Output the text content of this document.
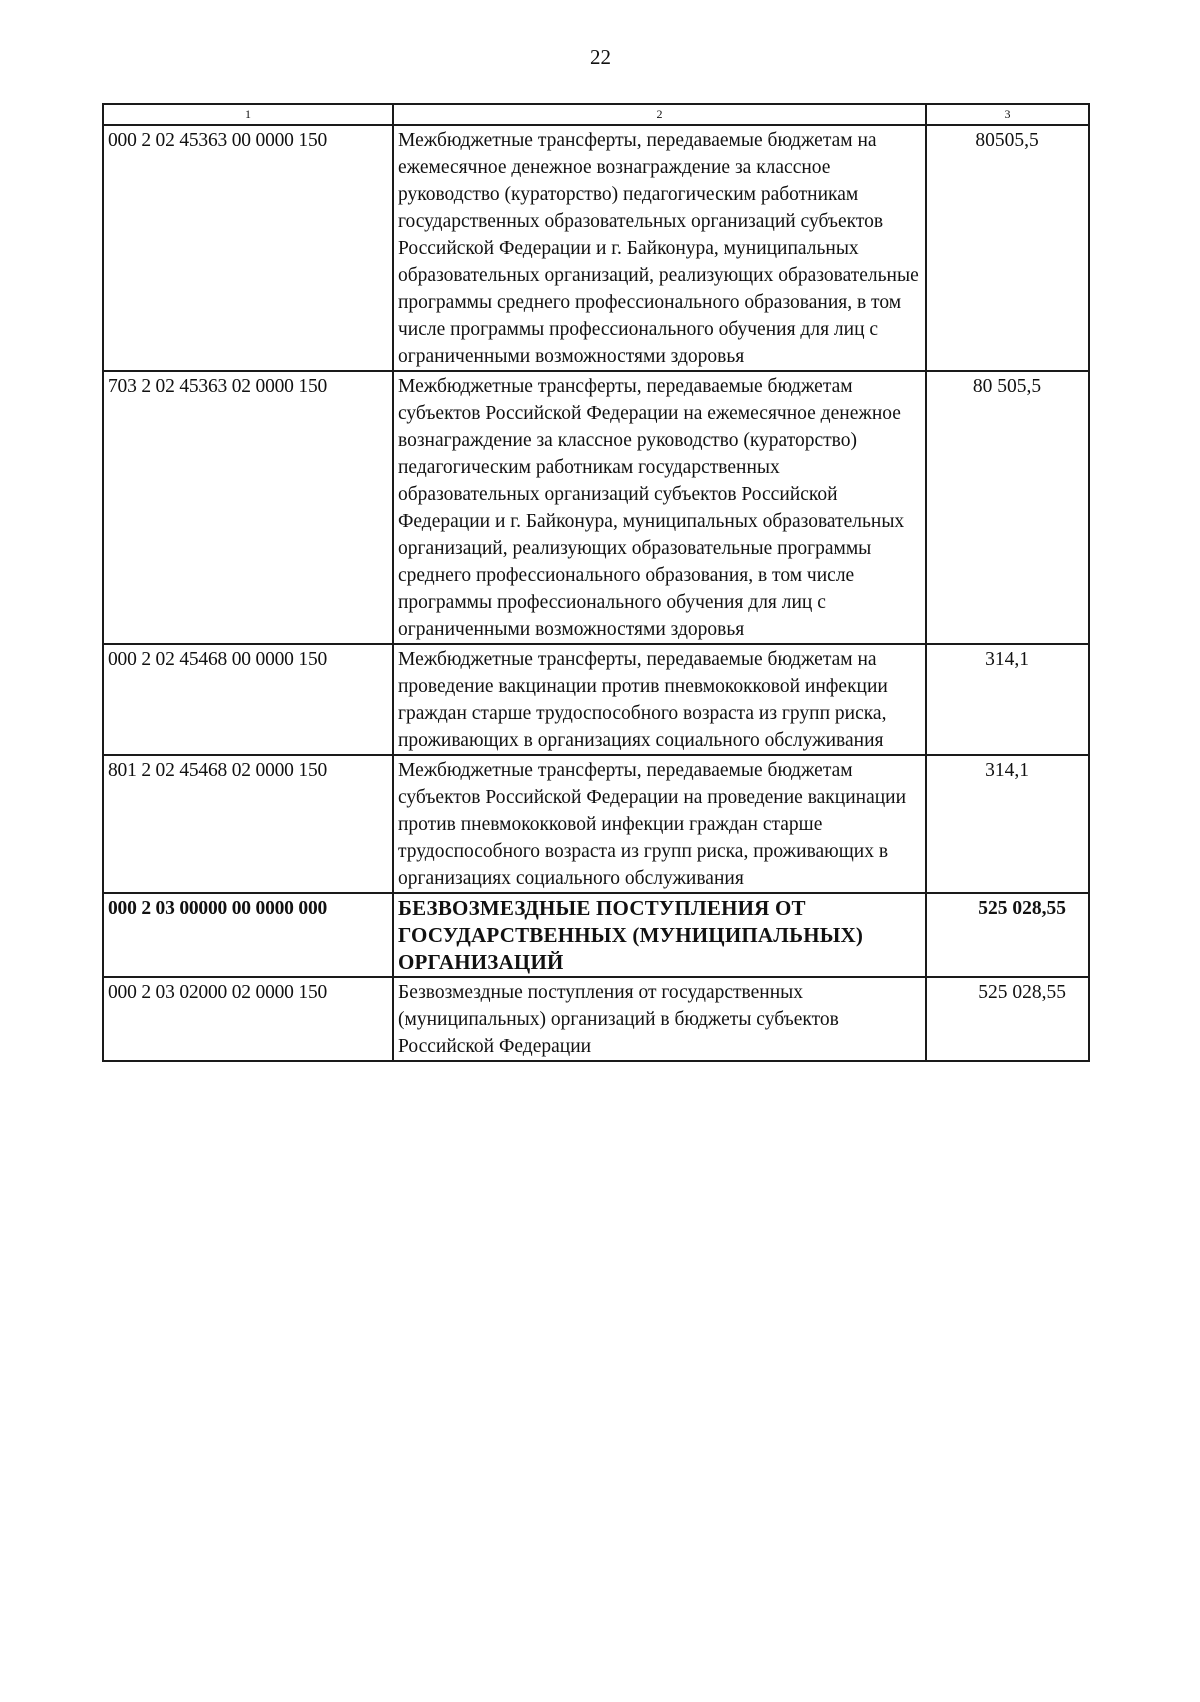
22
1	2	3
000 2 02 45363 00 0000 150	Межбюджетные трансферты, передаваемые бюджетам на ежемесячное денежное вознаграждение за классное руководство (кураторство) педагогическим работникам государственных образовательных организаций субъектов Российской Федерации и г. Байконура, муниципальных образовательных организаций, реализующих образовательные программы среднего профессионального образования, в том числе программы профессионального обучения для лиц с ограниченными возможностями здоровья	80505,5
703 2 02 45363 02 0000 150	Межбюджетные трансферты, передаваемые бюджетам субъектов Российской Федерации на ежемесячное денежное вознаграждение за классное руководство (кураторство) педагогическим работникам государственных образовательных организаций субъектов Российской Федерации и г. Байконура, муниципальных образовательных организаций, реализующих образовательные программы среднего профессионального образования, в том числе программы профессионального обучения для лиц с ограниченными возможностями здоровья	80 505,5
000 2 02 45468 00 0000 150	Межбюджетные трансферты, передаваемые бюджетам на проведение вакцинации против пневмококковой инфекции граждан старше трудоспособного возраста из групп риска, проживающих в организациях социального обслуживания	314,1
801 2 02 45468 02 0000 150	Межбюджетные трансферты, передаваемые бюджетам субъектов Российской Федерации на проведение вакцинации против пневмококковой инфекции граждан старше трудоспособного возраста из групп риска, проживающих в организациях социального обслуживания	314,1
000 2 03 00000 00 0000 000	БЕЗВОЗМЕЗДНЫЕ ПОСТУПЛЕНИЯ ОТ ГОСУДАРСТВЕННЫХ (МУНИЦИПАЛЬНЫХ) ОРГАНИЗАЦИЙ	525 028,55
000 2 03 02000 02 0000 150	Безвозмездные поступления от государственных (муниципальных) организаций в бюджеты субъектов Российской Федерации	525 028,55
